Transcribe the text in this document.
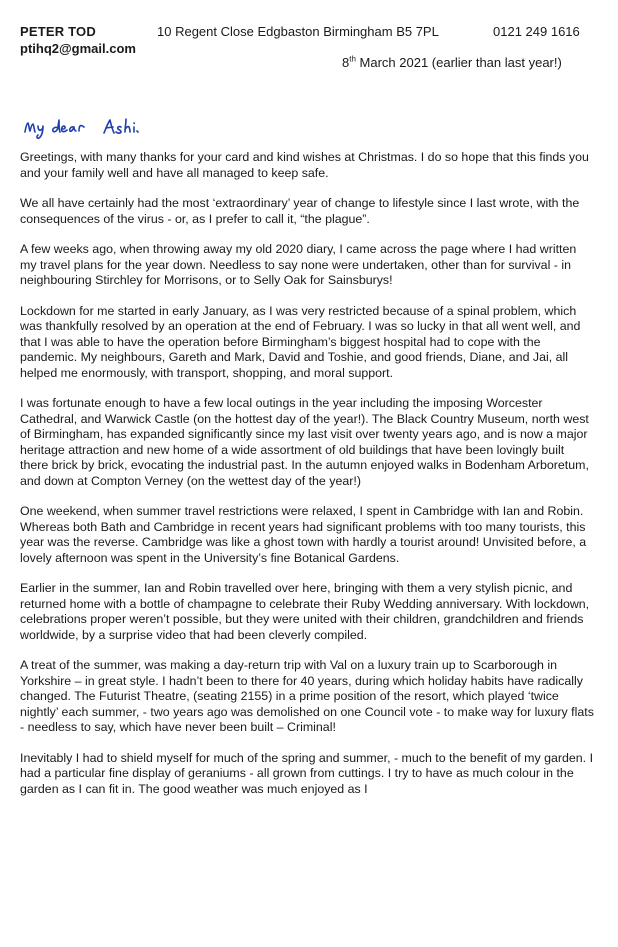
PETER TOD
ptihq2@gmail.com
10 Regent Close Edgbaston Birmingham B5 7PL	0121 249 1616
8th March 2021 (earlier than last year!)

Greetings, with many thanks for your card and kind wishes at Christmas. I do so hope that this finds you and your family well and have all managed to keep safe.

We all have certainly had the most ‘extraordinary’ year of change to lifestyle since I last wrote, with the consequences of the virus - or, as I prefer to call it, “the plague”.

A few weeks ago, when throwing away my old 2020 diary, I came across the page where I had written my travel plans for the year down. Needless to say none were undertaken, other than for survival - in neighbouring Stirchley for Morrisons, or to Selly Oak for Sainsburys!

Lockdown for me started in early January, as I was very restricted because of a spinal problem, which was thankfully resolved by an operation at the end of February. I was so lucky in that all went well, and that I was able to have the operation before Birmingham’s biggest hospital had to cope with the pandemic. My neighbours, Gareth and Mark, David and Toshie, and good friends, Diane, and Jai, all helped me enormously, with transport, shopping, and moral support.

I was fortunate enough to have a few local outings in the year including the imposing Worcester Cathedral, and Warwick Castle (on the hottest day of the year!). The Black Country Museum, north west of Birmingham, has expanded significantly since my last visit over twenty years ago, and is now a major heritage attraction and new home of a wide assortment of old buildings that have been lovingly built there brick by brick, evocating the industrial past. In the autumn enjoyed walks in Bodenham Arboretum, and down at Compton Verney (on the wettest day of the year!)

One weekend, when summer travel restrictions were relaxed, I spent in Cambridge with Ian and Robin. Whereas both Bath and Cambridge in recent years had significant problems with too many tourists, this year was the reverse. Cambridge was like a ghost town with hardly a tourist around! Unvisited before, a lovely afternoon was spent in the University’s fine Botanical Gardens.

Earlier in the summer, Ian and Robin travelled over here, bringing with them a very stylish picnic, and returned home with a bottle of champagne to celebrate their Ruby Wedding anniversary. With lockdown, celebrations proper weren’t possible, but they were united with their children, grandchildren and friends worldwide, by a surprise video that had been cleverly compiled.

A treat of the summer, was making a day-return trip with Val on a luxury train up to Scarborough in Yorkshire – in great style. I hadn’t been to there for 40 years, during which holiday habits have radically changed. The Futurist Theatre, (seating 2155) in a prime position of the resort, which played ‘twice nightly’ each summer, - two years ago was demolished on one Council vote - to make way for luxury flats - needless to say, which have never been built – Criminal!

Inevitably I had to shield myself for much of the spring and summer, - much to the benefit of my garden. I had a particular fine display of geraniums - all grown from cuttings. I try to have as much colour in the garden as I can fit in. The good weather was much enjoyed as I
